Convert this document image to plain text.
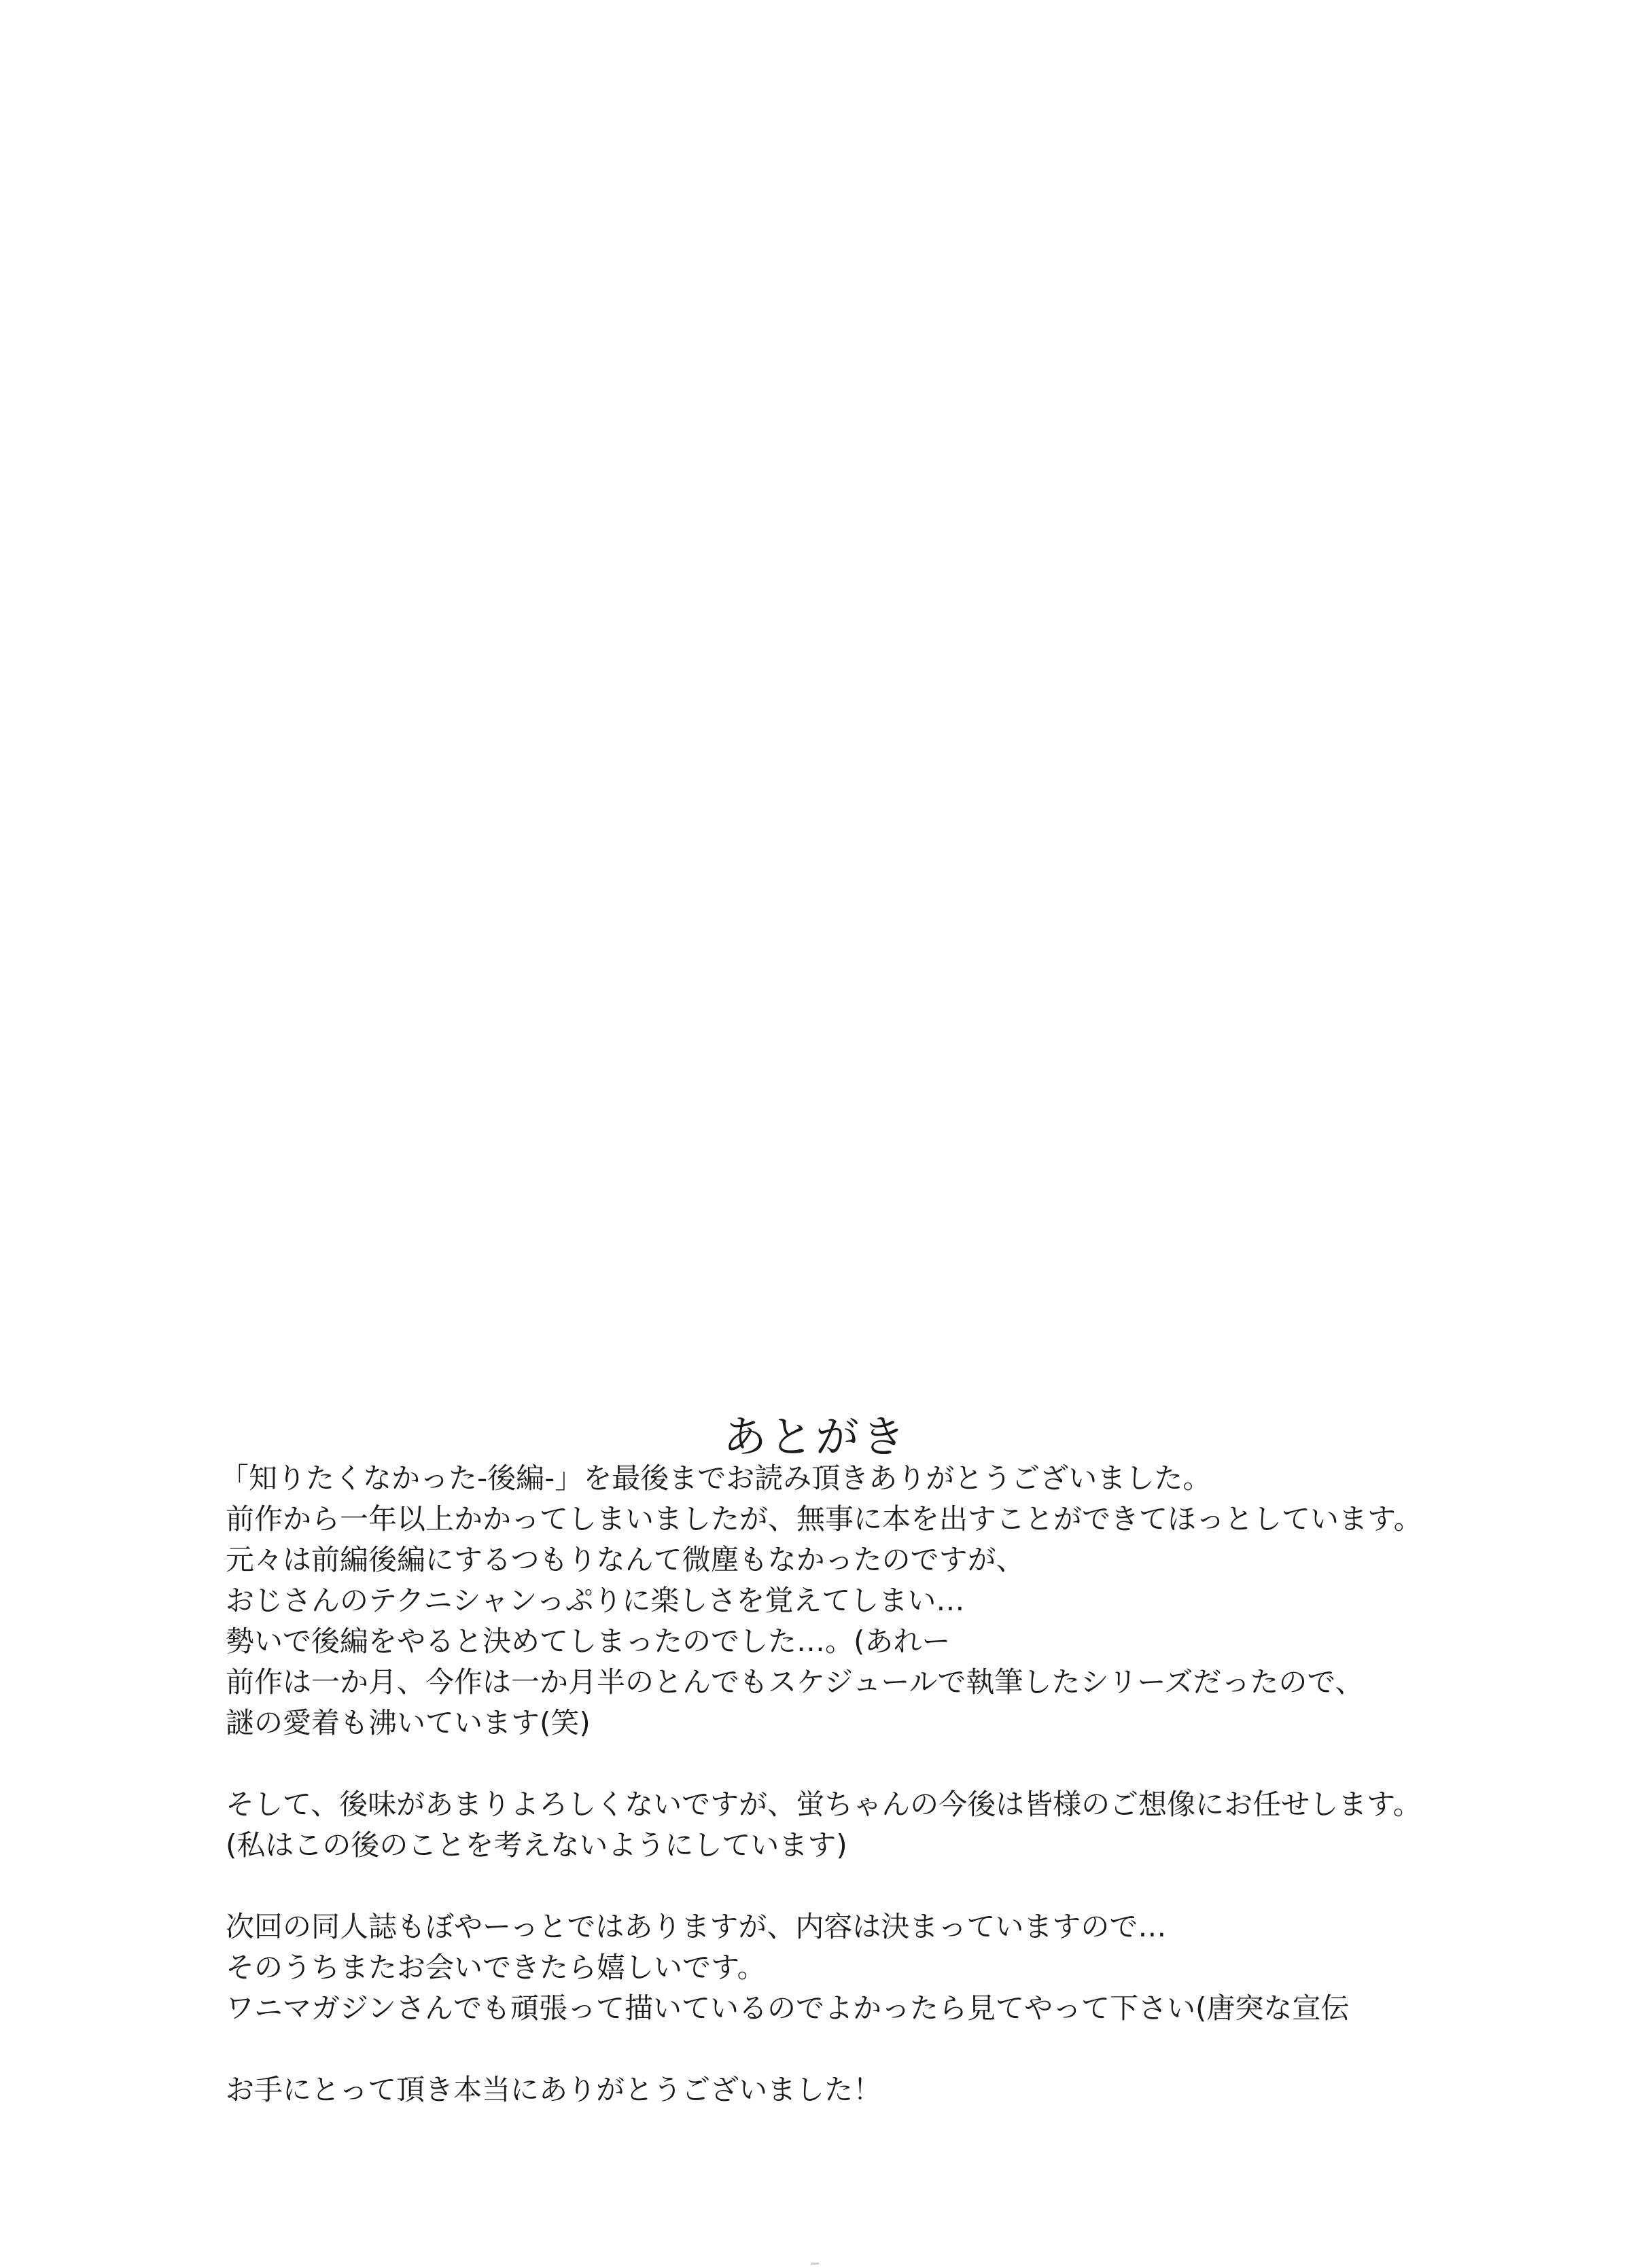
あとがき
「知りたくなかった-後編-」を最後までお読み頂きありがとうございました。
前作から一年以上かかってしまいましたが、無事に本を出すことができてほっとしています。
元々は前編後編にするつもりなんて微塵もなかったのですが、
おじさんのテクニシャンっぷりに楽しさを覚えてしまい…
勢いで後編をやると決めてしまったのでした…。(あれー
前作は一か月、今作は一か月半のとんでもスケジュールで執筆したシリーズだったので、
謎の愛着も沸いています(笑)
そして、後味があまりよろしくないですが、蛍ちゃんの今後は皆様のご想像にお任せします。
(私はこの後のことを考えないようにしています)
次回の同人誌もぼやーっとではありますが、内容は決まっていますので…
そのうちまたお会いできたら嬉しいです。
ワニマガジンさんでも頑張って描いているのでよかったら見てやって下さい(唐突な宣伝
お手にとって頂き本当にありがとうございました！
